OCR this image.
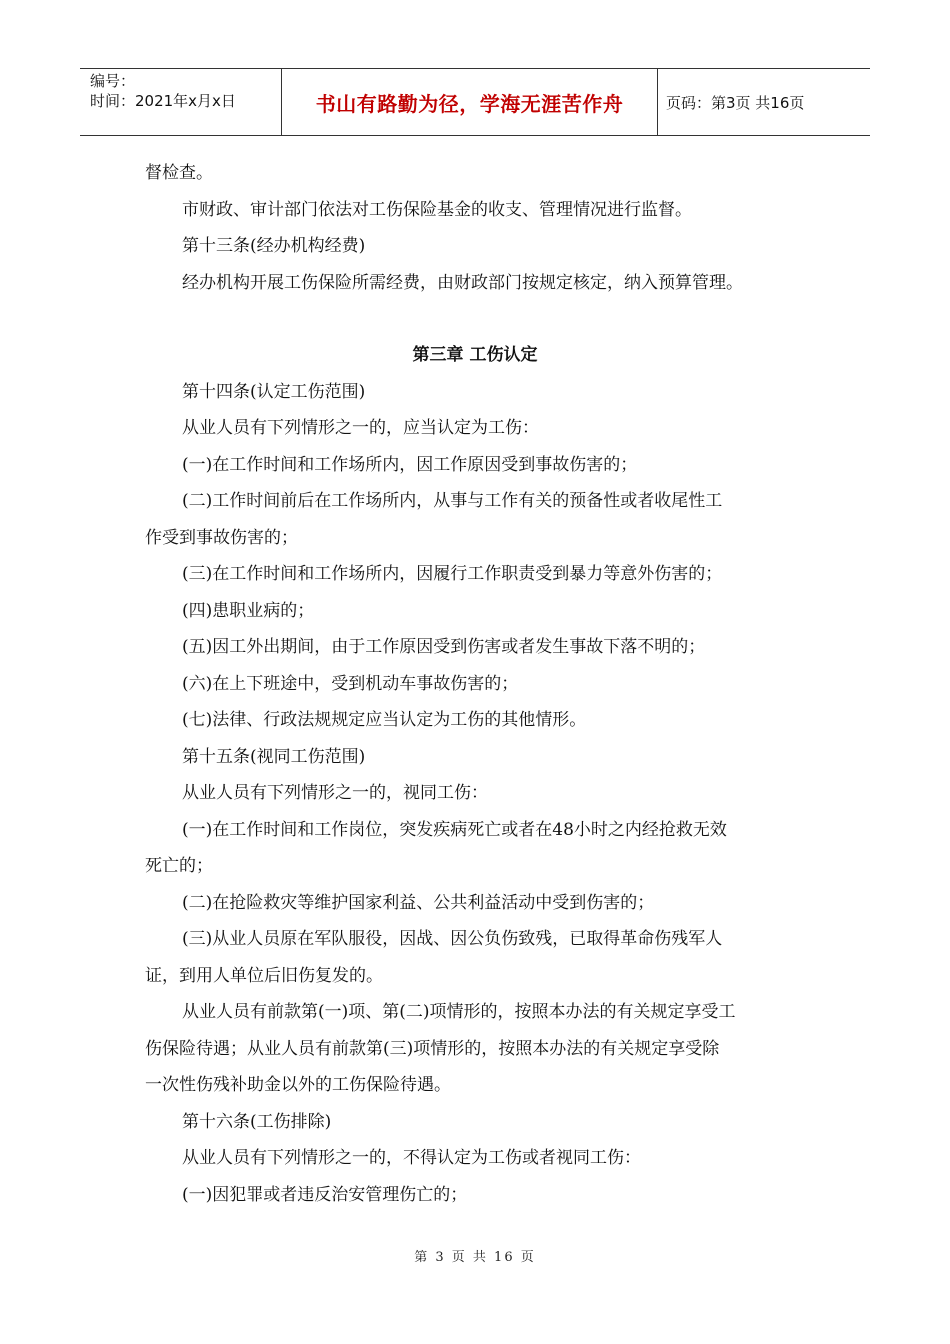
编号：
时间：2021年x月x日	书山有路勤为径，学海无涯苦作舟	页码：第3页 共16页

督检查。

市财政、审计部门依法对工伤保险基金的收支、管理情况进行监督。

第十三条(经办机构经费)

经办机构开展工伤保险所需经费，由财政部门按规定核定，纳入预算管理。

第三章 工伤认定

第十四条(认定工伤范围)

从业人员有下列情形之一的，应当认定为工伤：

(一)在工作时间和工作场所内，因工作原因受到事故伤害的；

(二)工作时间前后在工作场所内，从事与工作有关的预备性或者收尾性工

作受到事故伤害的；

(三)在工作时间和工作场所内，因履行工作职责受到暴力等意外伤害的；

(四)患职业病的；

(五)因工外出期间，由于工作原因受到伤害或者发生事故下落不明的；

(六)在上下班途中，受到机动车事故伤害的；

(七)法律、行政法规规定应当认定为工伤的其他情形。

第十五条(视同工伤范围)

从业人员有下列情形之一的，视同工伤：

(一)在工作时间和工作岗位，突发疾病死亡或者在48小时之内经抢救无效

死亡的；

(二)在抢险救灾等维护国家利益、公共利益活动中受到伤害的；

(三)从业人员原在军队服役，因战、因公负伤致残，已取得革命伤残军人

证，到用人单位后旧伤复发的。

从业人员有前款第(一)项、第(二)项情形的，按照本办法的有关规定享受工

伤保险待遇；从业人员有前款第(三)项情形的，按照本办法的有关规定享受除

一次性伤残补助金以外的工伤保险待遇。

第十六条(工伤排除)

从业人员有下列情形之一的，不得认定为工伤或者视同工伤：

(一)因犯罪或者违反治安管理伤亡的；

第 3 页 共 16 页
